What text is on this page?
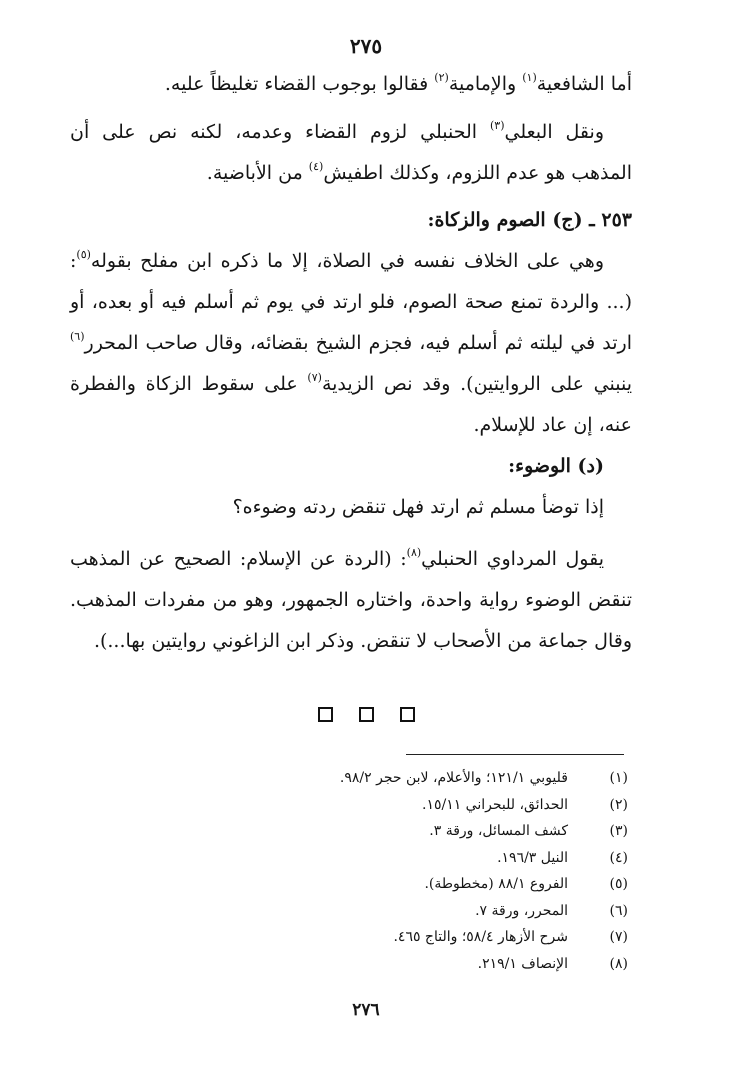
٢٧٥

أما الشافعية$^{(١)}$ والإمامية$^{(٢)}$ فقالوا بوجوب القضاء تغليظاً عليه.

ونقل البعلي$^{(٣)}$ الحنبلي لزوم القضاء وعدمه، لكنه نص على أن المذهب هو عدم اللزوم، وكذلك اطفيش$^{(٤)}$ من الأباضية.

٢٥٣ ـ (ج) الصوم والزكاة:

وهي على الخلاف نفسه في الصلاة، إلا ما ذكره ابن مفلح بقوله$^{(٥)}$: (... والردة تمنع صحة الصوم، فلو ارتد في يوم ثم أسلم فيه أو بعده، أو ارتد في ليلته ثم أسلم فيه، فجزم الشيخ بقضائه، وقال صاحب المحرر$^{(٦)}$ ينبني على الروايتين). وقد نص الزيدية$^{(٧)}$ على سقوط الزكاة والفطرة عنه، إن عاد للإسلام.

(د) الوضوء:

إذا توضأ مسلم ثم ارتد فهل تنقض ردته وضوءه؟

يقول المرداوي الحنبلي$^{(٨)}$: (الردة عن الإسلام: الصحيح عن المذهب تنقض الوضوء رواية واحدة، واختاره الجمهور، وهو من مفردات المذهب. وقال جماعة من الأصحاب لا تنقض. وذكر ابن الزاغوني روايتين بها...).

(١)
قليوبي ١٢١/١؛ والأعلام، لابن حجر ٩٨/٢.
(٢)
الحدائق، للبحراني ١٥/١١.
(٣)
كشف المسائل، ورقة ٣.
(٤)
النيل ١٩٦/٣.
(٥)
الفروع ٨٨/١ (مخطوطة).
(٦)
المحرر، ورقة ٧.
(٧)
شرح الأزهار ٥٨/٤؛ والتاج ٤٦٥.
(٨)
الإنصاف ٢١٩/١.
٢٧٦
